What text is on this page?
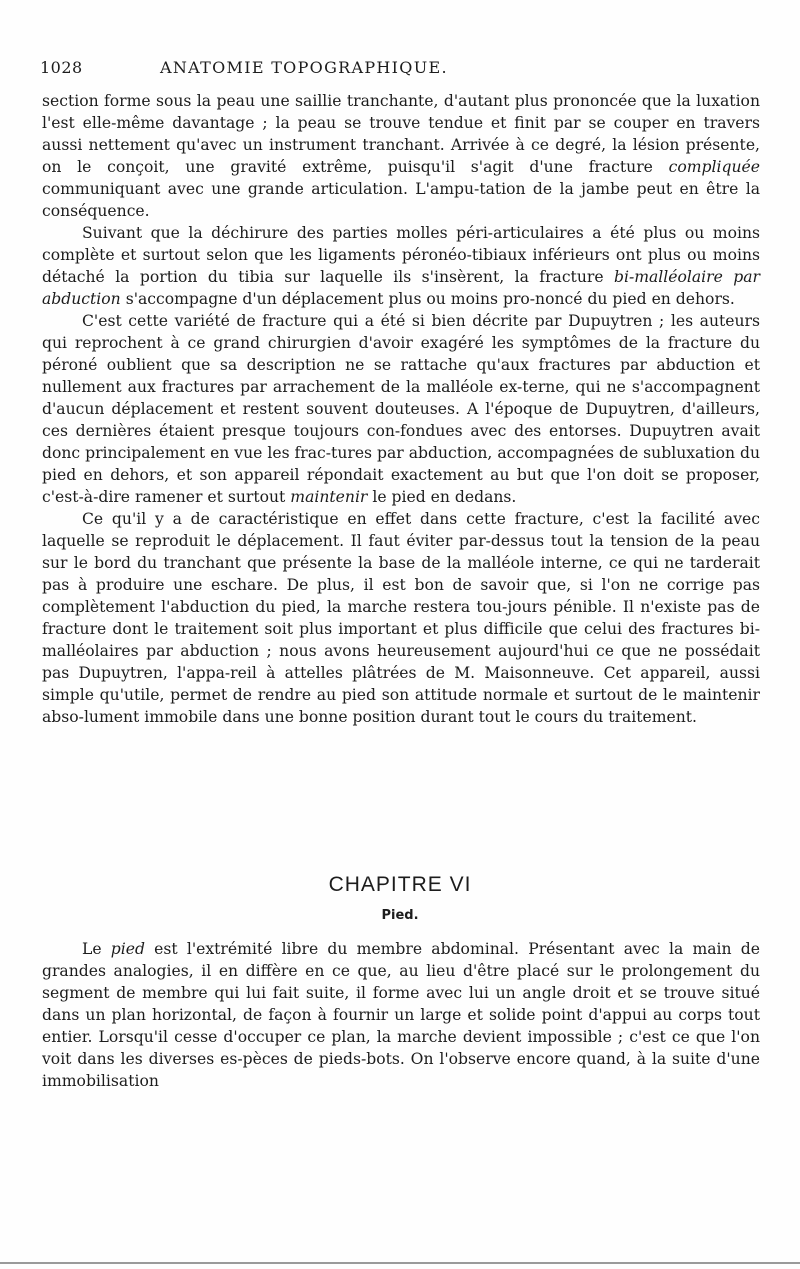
1028	ANATOMIE TOPOGRAPHIQUE.

section forme sous la peau une saillie tranchante, d'autant plus prononcée que la luxation l'est elle-même davantage ; la peau se trouve tendue et finit par se couper en travers aussi nettement qu'avec un instrument tranchant. Arrivée à ce degré, la lésion présente, on le conçoit, une gravité extrême, puisqu'il s'agit d'une fracture compliquée communiquant avec une grande articulation. L'ampu-tation de la jambe peut en être la conséquence.

Suivant que la déchirure des parties molles péri-articulaires a été plus ou moins complète et surtout selon que les ligaments péronéo-tibiaux inférieurs ont plus ou moins détaché la portion du tibia sur laquelle ils s'insèrent, la fracture bi-malléolaire par abduction s'accompagne d'un déplacement plus ou moins pro-noncé du pied en dehors.

C'est cette variété de fracture qui a été si bien décrite par Dupuytren ; les auteurs qui reprochent à ce grand chirurgien d'avoir exagéré les symptômes de la fracture du péroné oublient que sa description ne se rattache qu'aux fractures par abduction et nullement aux fractures par arrachement de la malléole ex-terne, qui ne s'accompagnent d'aucun déplacement et restent souvent douteuses. A l'époque de Dupuytren, d'ailleurs, ces dernières étaient presque toujours con-fondues avec des entorses. Dupuytren avait donc principalement en vue les frac-tures par abduction, accompagnées de subluxation du pied en dehors, et son appareil répondait exactement au but que l'on doit se proposer, c'est-à-dire ramener et surtout maintenir le pied en dedans.

Ce qu'il y a de caractéristique en effet dans cette fracture, c'est la facilité avec laquelle se reproduit le déplacement. Il faut éviter par-dessus tout la tension de la peau sur le bord du tranchant que présente la base de la malléole interne, ce qui ne tarderait pas à produire une eschare. De plus, il est bon de savoir que, si l'on ne corrige pas complètement l'abduction du pied, la marche restera tou-jours pénible. Il n'existe pas de fracture dont le traitement soit plus important et plus difficile que celui des fractures bi-malléolaires par abduction ; nous avons heureusement aujourd'hui ce que ne possédait pas Dupuytren, l'appa-reil à attelles plâtrées de M. Maisonneuve. Cet appareil, aussi simple qu'utile, permet de rendre au pied son attitude normale et surtout de le maintenir abso-lument immobile dans une bonne position durant tout le cours du traitement.

CHAPITRE VI
Pied.

Le pied est l'extrémité libre du membre abdominal. Présentant avec la main de grandes analogies, il en diffère en ce que, au lieu d'être placé sur le prolongement du segment de membre qui lui fait suite, il forme avec lui un angle droit et se trouve situé dans un plan horizontal, de façon à fournir un large et solide point d'appui au corps tout entier. Lorsqu'il cesse d'occuper ce plan, la marche devient impossible ; c'est ce que l'on voit dans les diverses es-pèces de pieds-bots. On l'observe encore quand, à la suite d'une immobilisation
